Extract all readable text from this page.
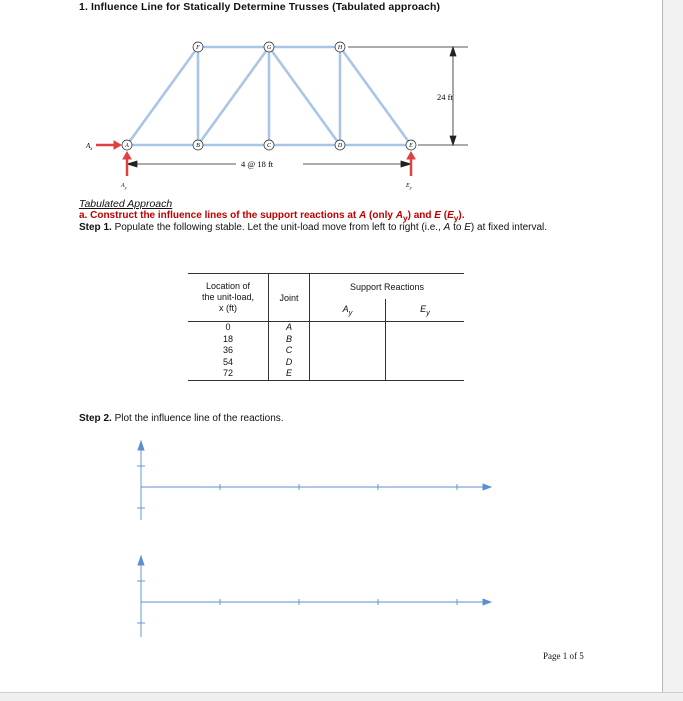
1. Influence Line for Statically Determine Trusses (Tabulated approach)
24 ft
4 @ 18 ft
$A_x$
$A_y$	$E_y$
A	B	C	D	E
F	G	H
Tabulated Approach
a. Construct the influence lines of the support reactions at A (only $A_y$) and E $(E_y)$.
Step 1. Populate the following stable. Let the unit-load move from left to right (i.e., A to E) at fixed interval.
Location of
the unit-load,
x (ft)	Joint	Support Reactions	
		$A_y$	$E_y$
0	A		
18	B		
36	C		
54	D		
72	E		
Step 2. Plot the influence line of the reactions.
Page 1 of 5
